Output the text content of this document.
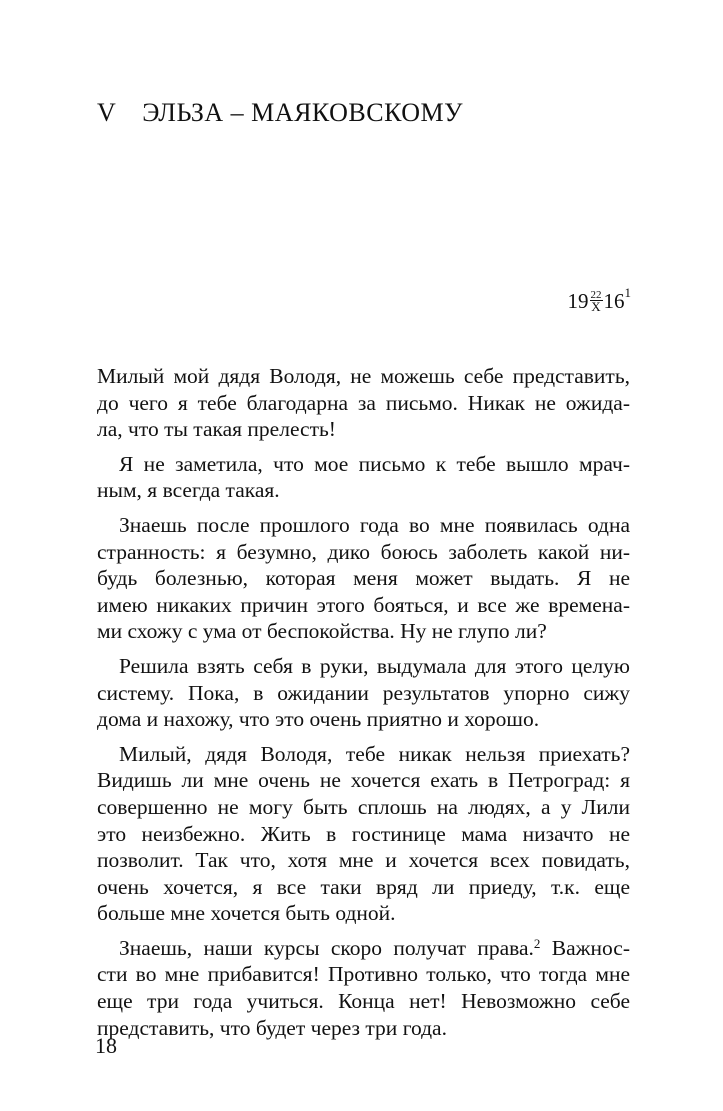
V ЭЛЬЗА – МАЯКОВСКОМУ
$19 \frac{22}{X} 16^1$
Милый мой дядя Володя, не можешь себе представить,
до чего я тебе благодарна за письмо. Никак не ожида-
ла, что ты такая прелесть!
Я не заметила, что мое письмо к тебе вышло мрач-
ным, я всегда такая.
Знаешь после прошлого года во мне появилась одна
странность: я безумно, дико боюсь заболеть какой ни-
будь болезнью, которая меня может выдать. Я не
имею никаких причин этого бояться, и все же времена-
ми схожу с ума от беспокойства. Ну не глупо ли?
Решила взять себя в руки, выдумала для этого целую
систему. Пока, в ожидании результатов упорно сижу
дома и нахожу, что это очень приятно и хорошо.
Милый, дядя Володя, тебе никак нельзя приехать?
Видишь ли мне очень не хочется ехать в Петроград: я
совершенно не могу быть сплошь на людях, а у Лили
это неизбежно. Жить в гостинице мама низачто не
позволит. Так что, хотя мне и хочется всех повидать,
очень хочется, я все таки вряд ли приеду, т.к. еще
больше мне хочется быть одной.
Знаешь, наши курсы скоро получат права.$^2$ Важнос-
сти во мне прибавится! Противно только, что тогда мне
еще три года учиться. Конца нет! Невозможно себе
представить, что будет через три года.
18
